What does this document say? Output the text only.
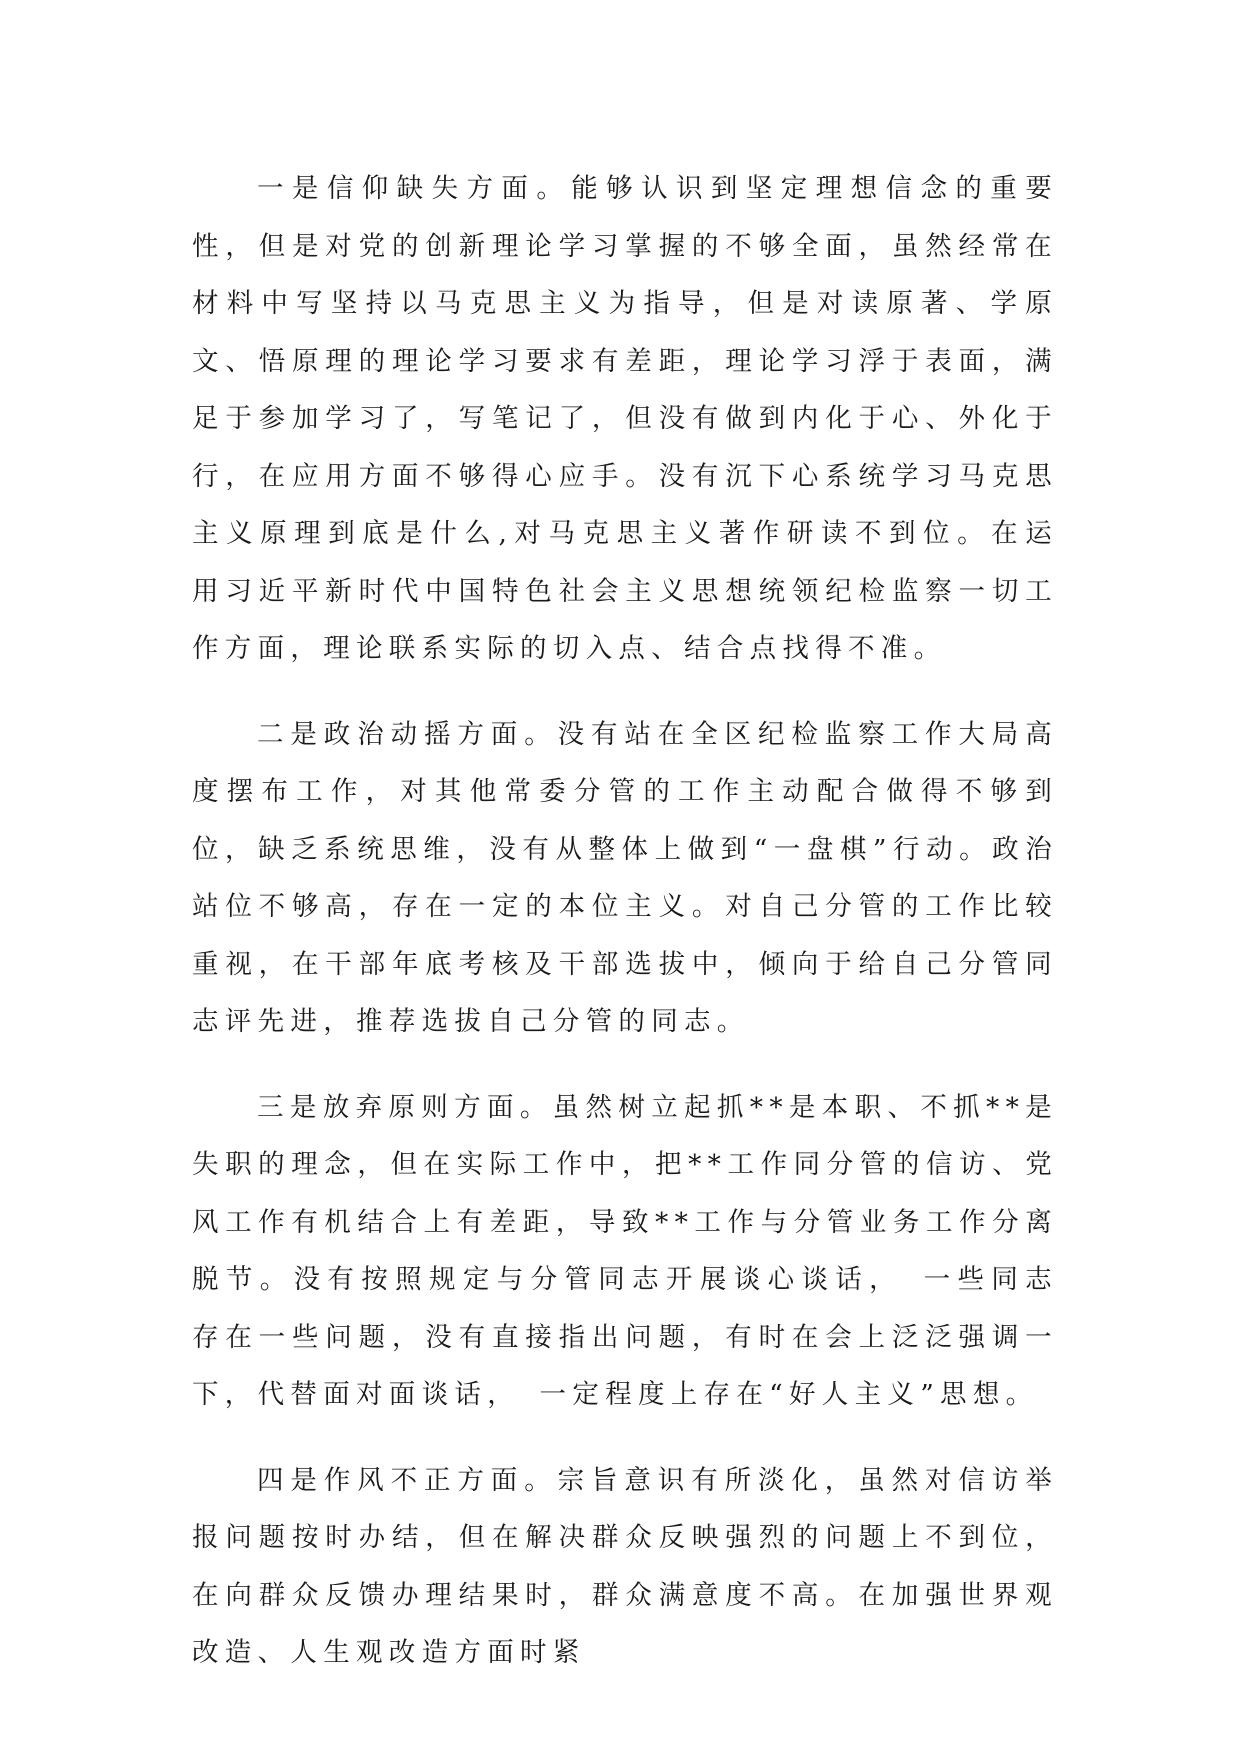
一是信仰缺失方面。能够认识到坚定理想信念的重要性，但是对党的创新理论学习掌握的不够全面，虽然经常在材料中写坚持以马克思主义为指导，但是对读原著、学原文、悟原理的理论学习要求有差距，理论学习浮于表面，满足于参加学习了，写笔记了，但没有做到内化于心、外化于行，在应用方面不够得心应手。没有沉下心系统学习马克思主义原理到底是什么,对马克思主义著作研读不到位。在运用习近平新时代中国特色社会主义思想统领纪检监察一切工作方面，理论联系实际的切入点、结合点找得不准。

二是政治动摇方面。没有站在全区纪检监察工作大局高度摆布工作，对其他常委分管的工作主动配合做得不够到位，缺乏系统思维，没有从整体上做到“一盘棋”行动。政治站位不够高，存在一定的本位主义。对自己分管的工作比较重视，在干部年底考核及干部选拔中，倾向于给自己分管同志评先进，推荐选拔自己分管的同志。

三是放弃原则方面。虽然树立起抓**是本职、不抓**是失职的理念，但在实际工作中，把**工作同分管的信访、党风工作有机结合上有差距，导致**工作与分管业务工作分离脱节。没有按照规定与分管同志开展谈心谈话，　一些同志存在一些问题，没有直接指出问题，有时在会上泛泛强调一下，代替面对面谈话，　一定程度上存在“好人主义”思想。

四是作风不正方面。宗旨意识有所淡化，虽然对信访举报问题按时办结，但在解决群众反映强烈的问题上不到位，在向群众反馈办理结果时，群众满意度不高。在加强世界观改造、人生观改造方面时紧
